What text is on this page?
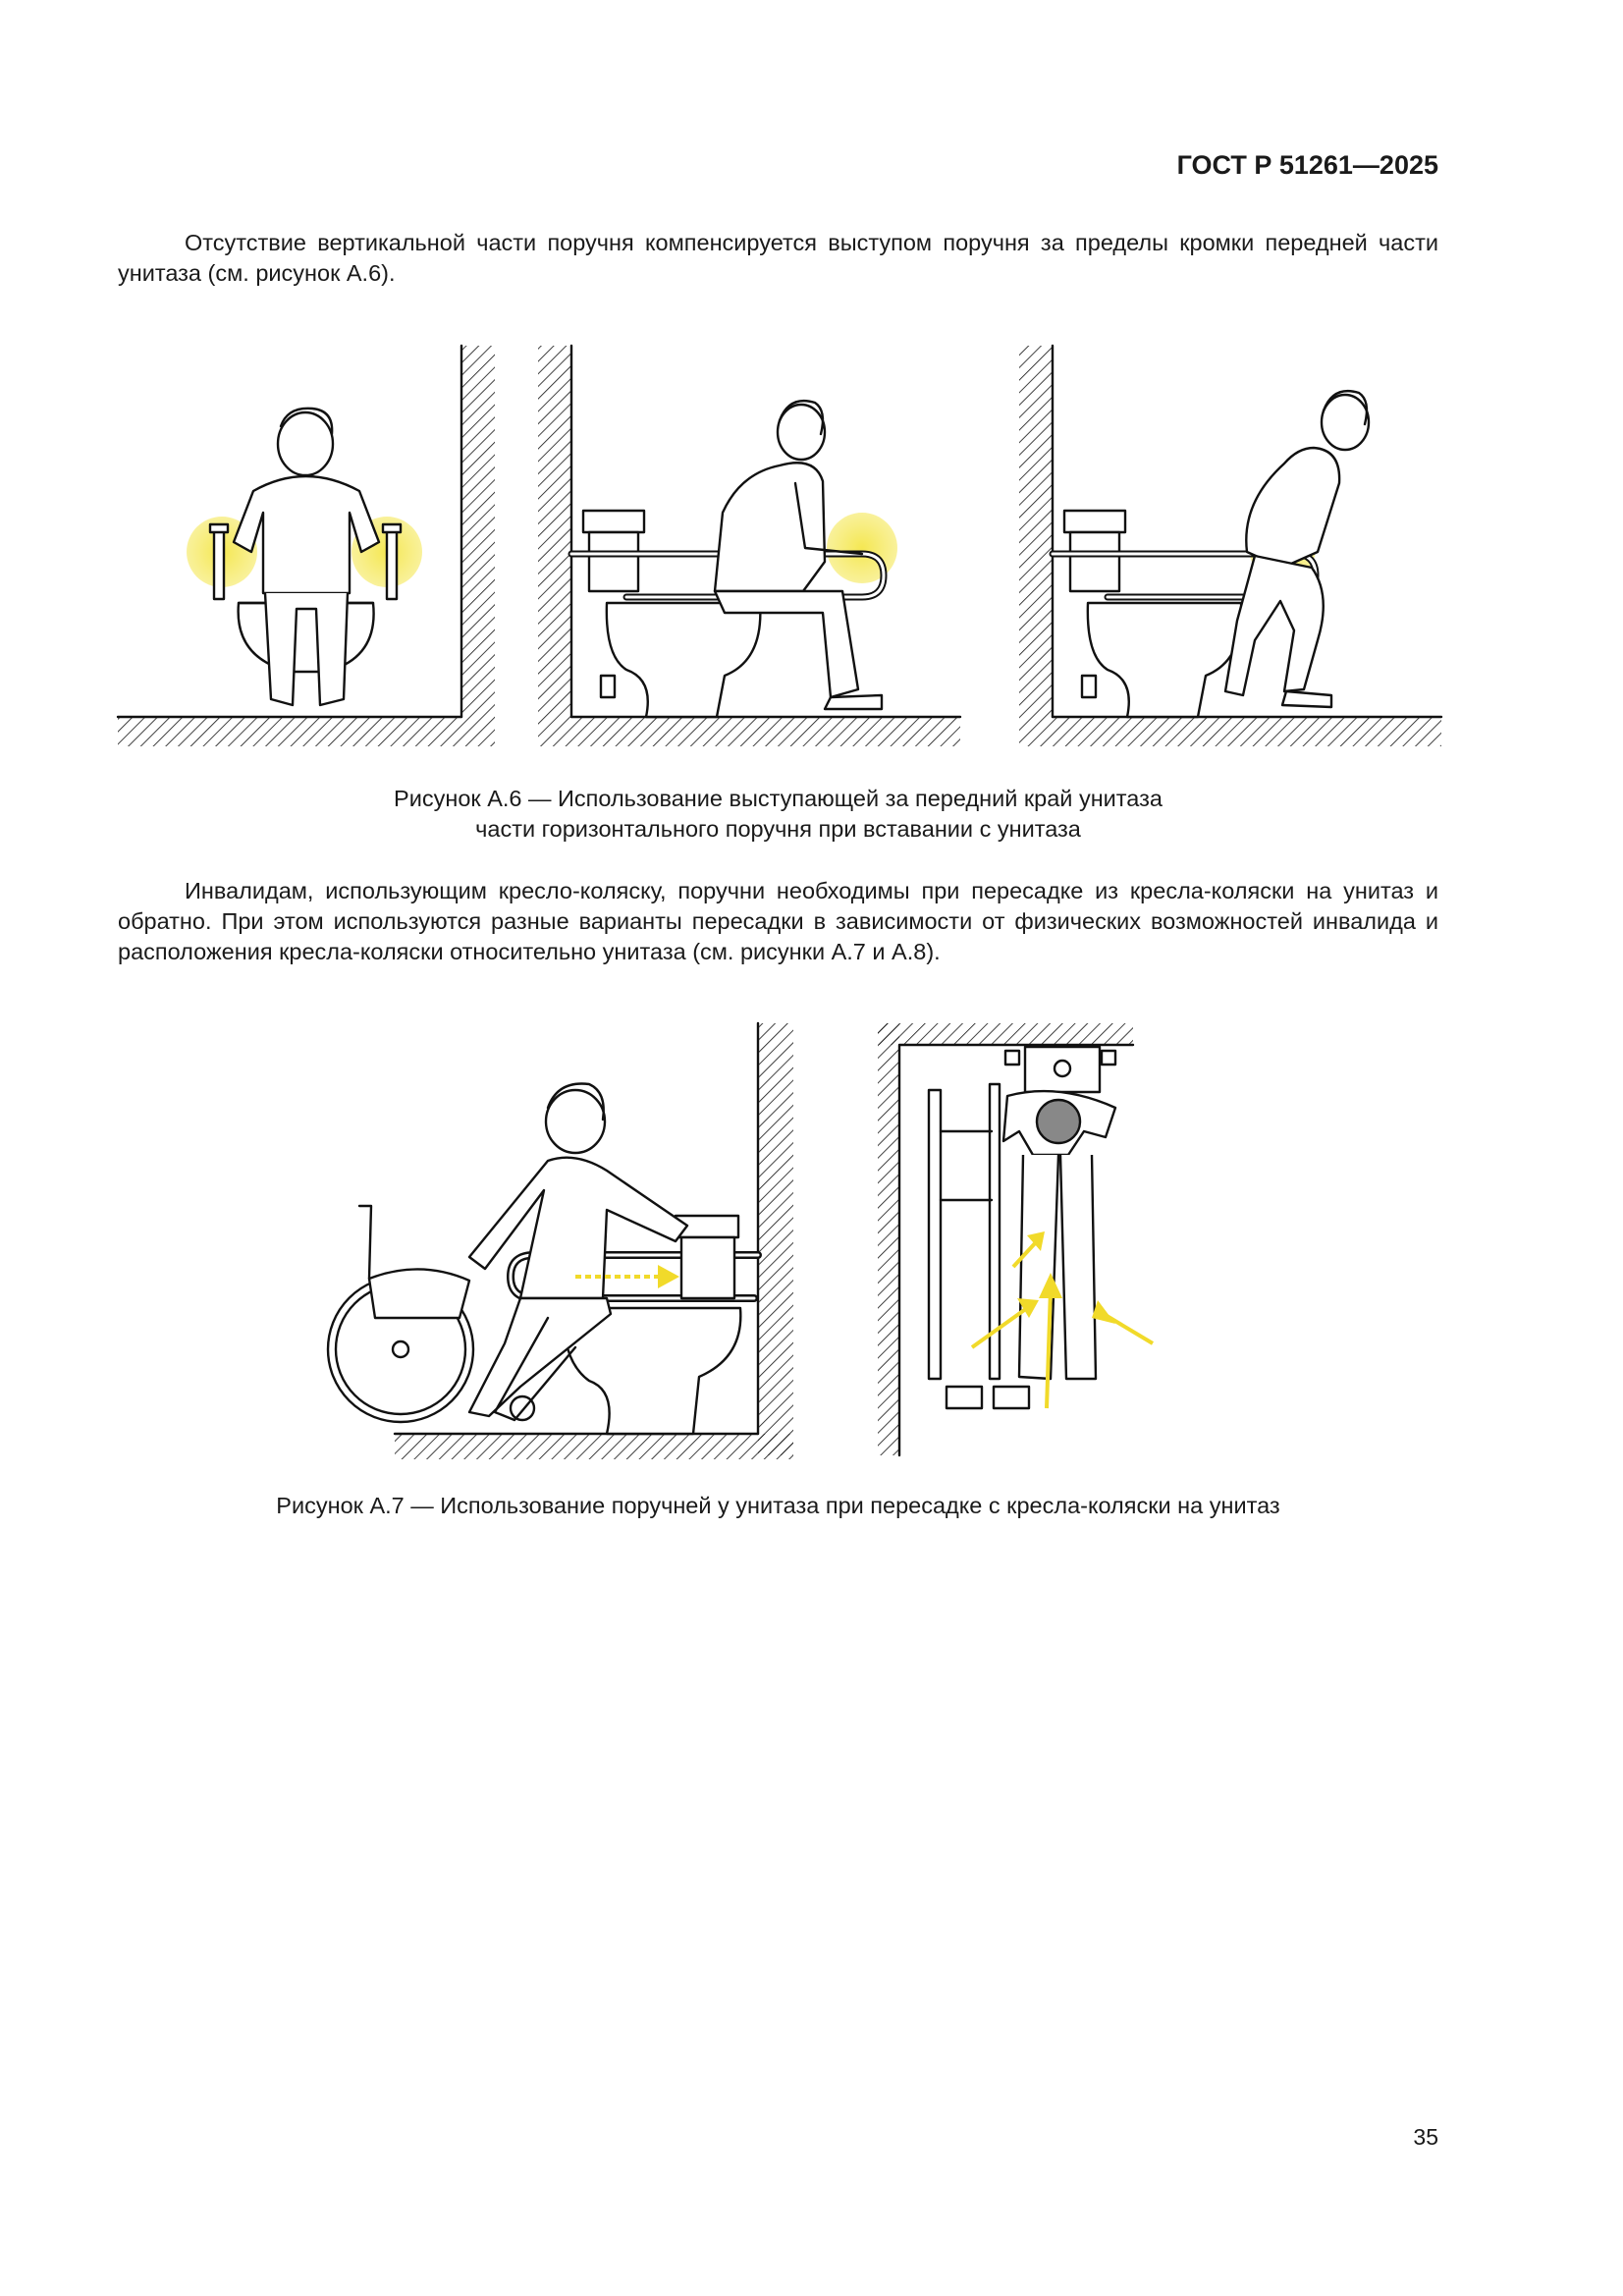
ГОСТ Р 51261—2025

Отсутствие вертикальной части поручня компенсируется выступом поручня за пределы кромки передней части унитаза (см. рисунок А.6).

Рисунок А.6 — Использование выступающей за передний край унитаза

части горизонтального поручня при вставании с унитаза

Инвалидам, использующим кресло-коляску, поручни необходимы при пересадке из кресла-коляски на унитаз и обратно. При этом используются разные варианты пересадки в зависимости от физических возможностей инвалида и расположения кресла-коляски относительно унитаза (см. рисунки А.7 и А.8).

Рисунок А.7 — Использование поручней у унитаза при пересадке с кресла-коляски на унитаз

35
